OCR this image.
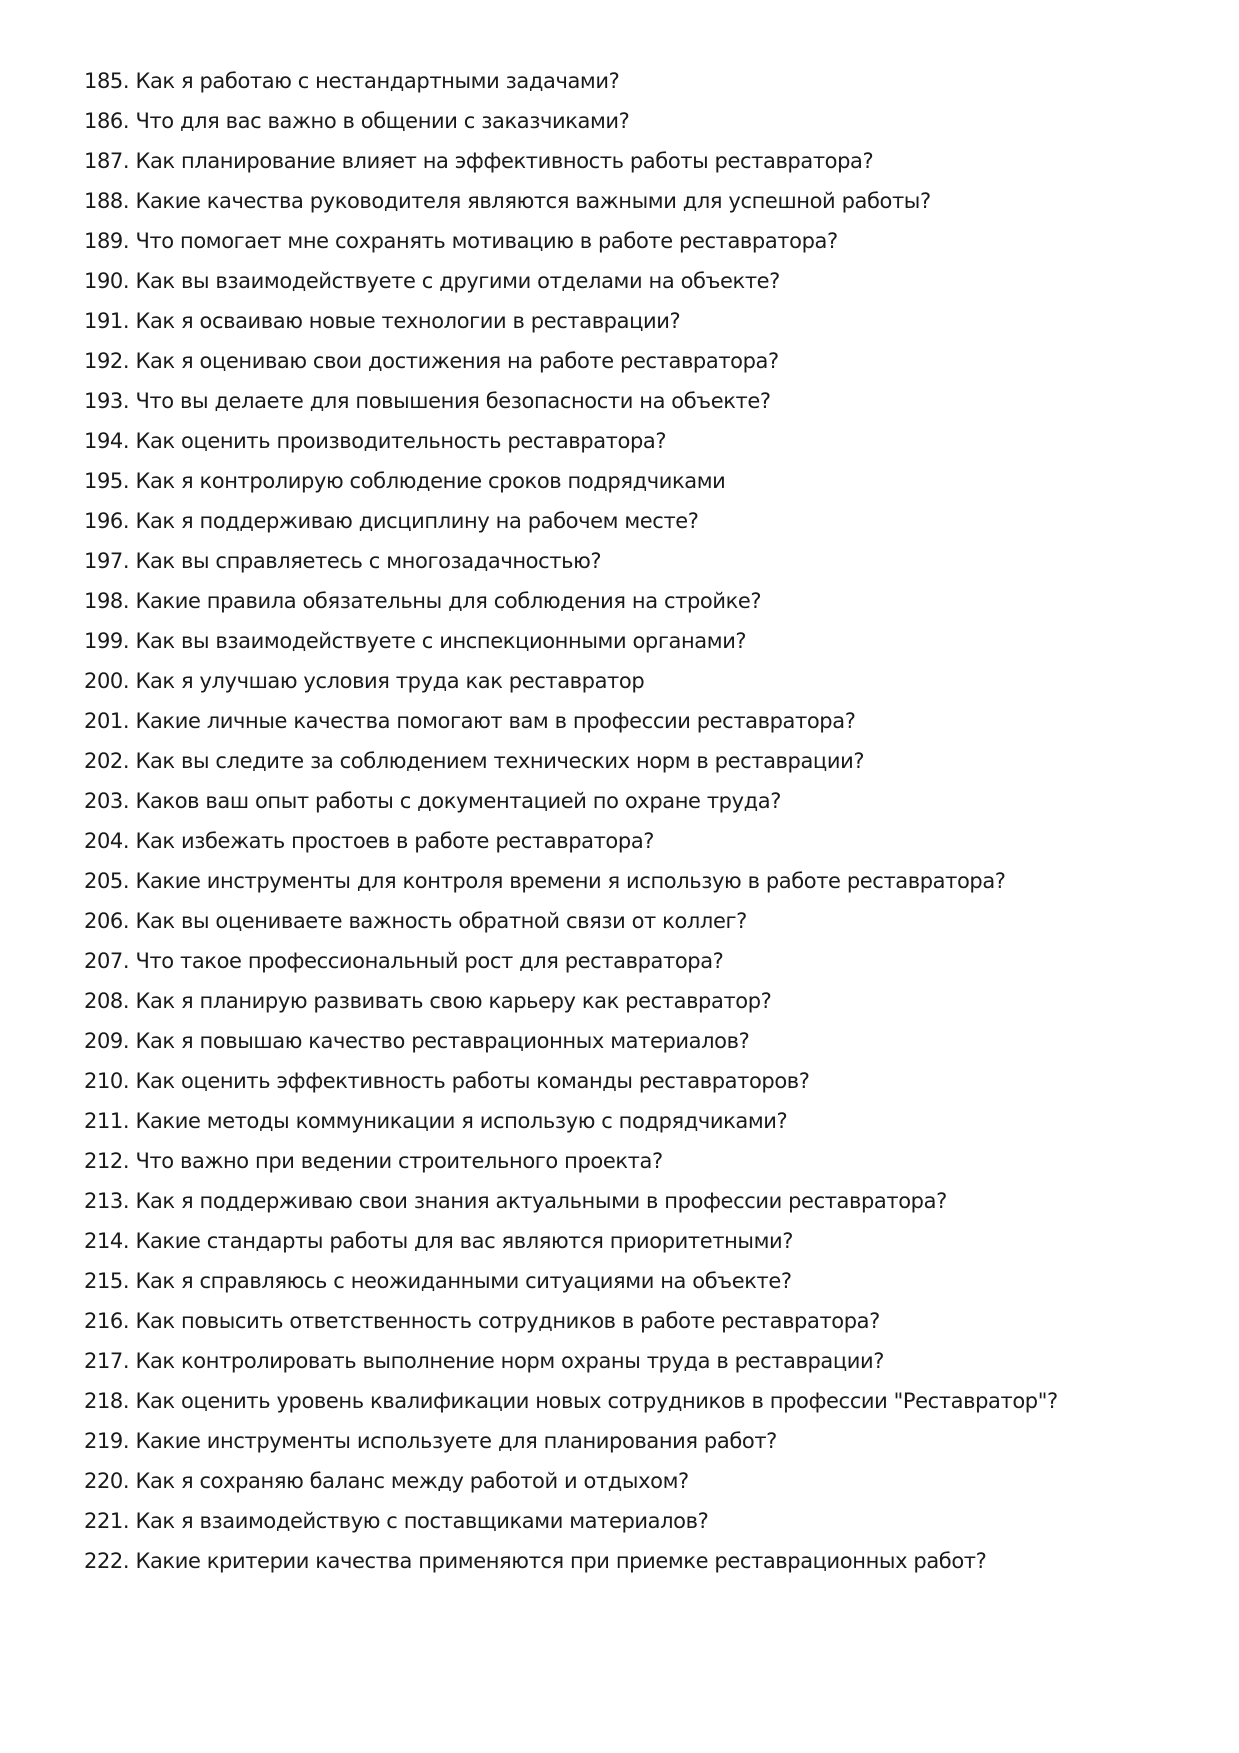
185. Как я работаю с нестандартными задачами?
186. Что для вас важно в общении с заказчиками?
187. Как планирование влияет на эффективность работы реставратора?
188. Какие качества руководителя являются важными для успешной работы?
189. Что помогает мне сохранять мотивацию в работе реставратора?
190. Как вы взаимодействуете с другими отделами на объекте?
191. Как я осваиваю новые технологии в реставрации?
192. Как я оцениваю свои достижения на работе реставратора?
193. Что вы делаете для повышения безопасности на объекте?
194. Как оценить производительность реставратора?
195. Как я контролирую соблюдение сроков подрядчиками
196. Как я поддерживаю дисциплину на рабочем месте?
197. Как вы справляетесь с многозадачностью?
198. Какие правила обязательны для соблюдения на стройке?
199. Как вы взаимодействуете с инспекционными органами?
200. Как я улучшаю условия труда как реставратор
201. Какие личные качества помогают вам в профессии реставратора?
202. Как вы следите за соблюдением технических норм в реставрации?
203. Каков ваш опыт работы с документацией по охране труда?
204. Как избежать простоев в работе реставратора?
205. Какие инструменты для контроля времени я использую в работе реставратора?
206. Как вы оцениваете важность обратной связи от коллег?
207. Что такое профессиональный рост для реставратора?
208. Как я планирую развивать свою карьеру как реставратор?
209. Как я повышаю качество реставрационных материалов?
210. Как оценить эффективность работы команды реставраторов?
211. Какие методы коммуникации я использую с подрядчиками?
212. Что важно при ведении строительного проекта?
213. Как я поддерживаю свои знания актуальными в профессии реставратора?
214. Какие стандарты работы для вас являются приоритетными?
215. Как я справляюсь с неожиданными ситуациями на объекте?
216. Как повысить ответственность сотрудников в работе реставратора?
217. Как контролировать выполнение норм охраны труда в реставрации?
218. Как оценить уровень квалификации новых сотрудников в профессии "Реставратор"?
219. Какие инструменты используете для планирования работ?
220. Как я сохраняю баланс между работой и отдыхом?
221. Как я взаимодействую с поставщиками материалов?
222. Какие критерии качества применяются при приемке реставрационных работ?
